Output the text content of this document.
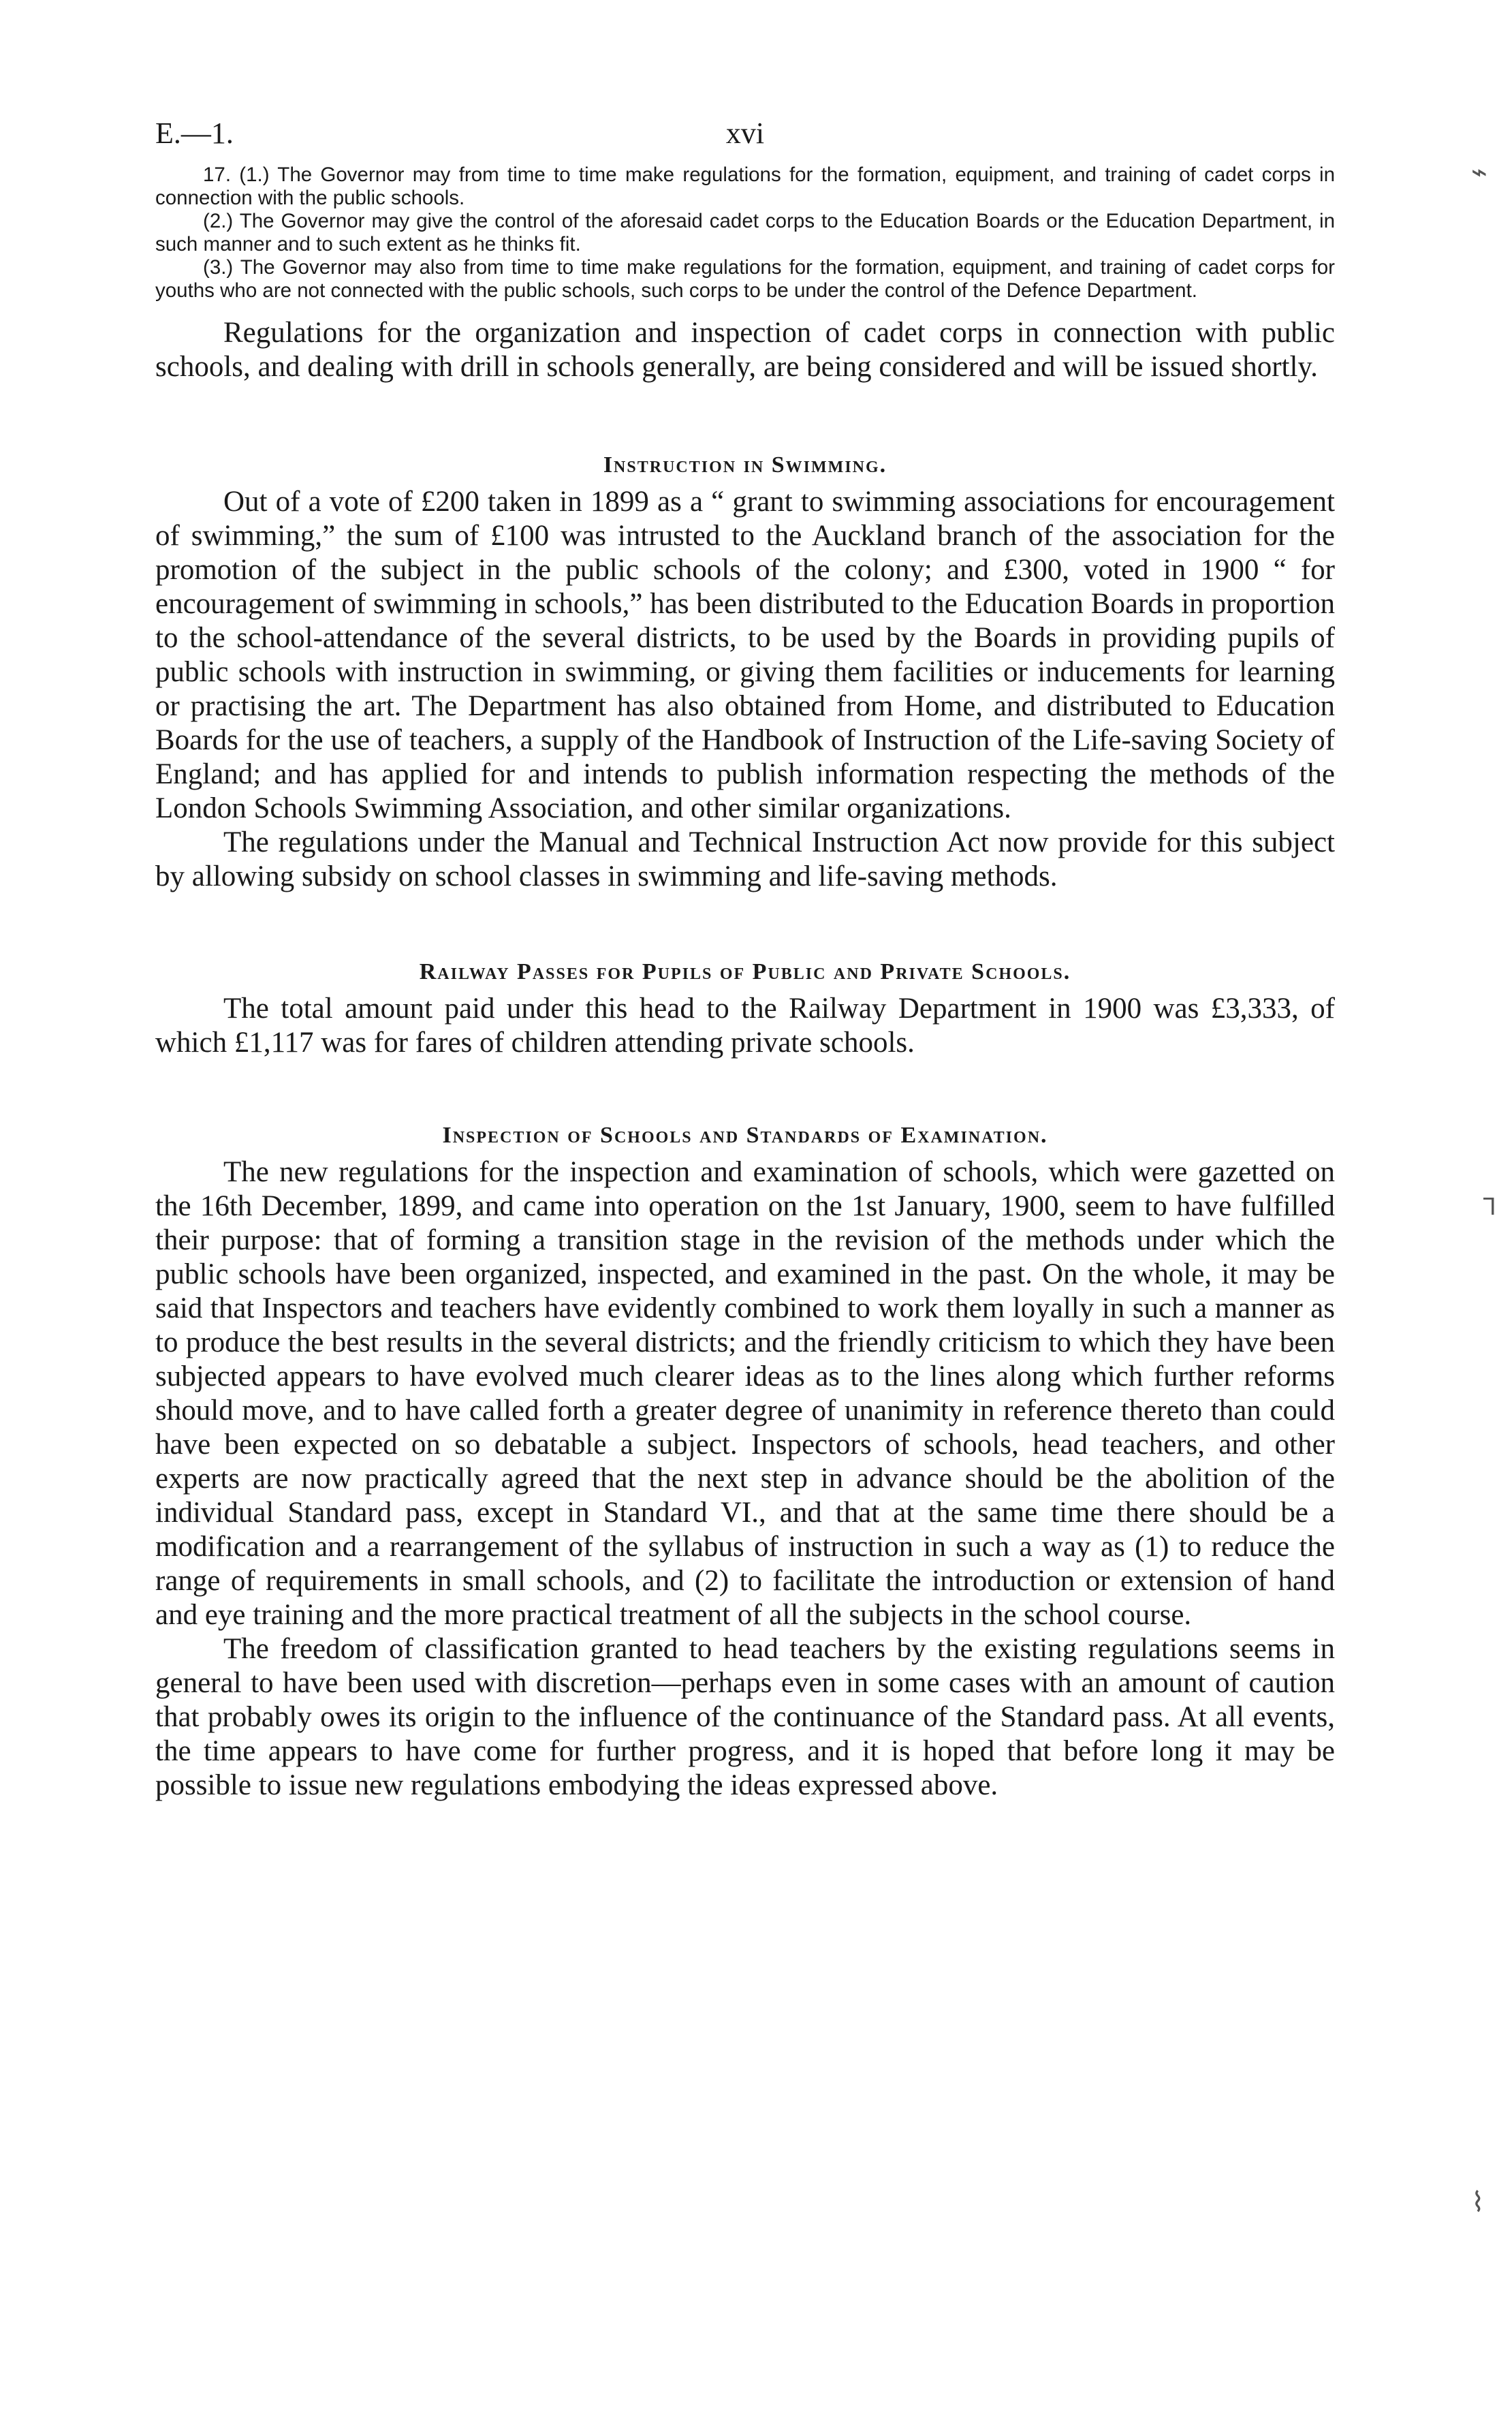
⌁
ᒣ
⌇
E.—1.	xvi

17. (1.) The Governor may from time to time make regulations for the formation, equipment, and training of cadet corps in connection with the public schools.

(2.) The Governor may give the control of the aforesaid cadet corps to the Education Boards or the Education Department, in such manner and to such extent as he thinks fit.

(3.) The Governor may also from time to time make regulations for the formation, equipment, and training of cadet corps for youths who are not connected with the public schools, such corps to be under the control of the Defence Department.

Regulations for the organization and inspection of cadet corps in connection with public schools, and dealing with drill in schools generally, are being considered and will be issued shortly.

Instruction in Swimming.

Out of a vote of £200 taken in 1899 as a “ grant to swimming associations for encouragement of swimming,” the sum of £100 was intrusted to the Auckland branch of the association for the promotion of the subject in the public schools of the colony; and £300, voted in 1900 “ for encouragement of swimming in schools,” has been distributed to the Education Boards in proportion to the school-attendance of the several districts, to be used by the Boards in providing pupils of public schools with instruction in swimming, or giving them facilities or inducements for learning or practising the art. The Department has also obtained from Home, and distributed to Education Boards for the use of teachers, a supply of the Handbook of Instruction of the Life-saving Society of England; and has applied for and intends to publish information respecting the methods of the London Schools Swimming Association, and other similar organizations.

The regulations under the Manual and Technical Instruction Act now provide for this subject by allowing subsidy on school classes in swimming and life-saving methods.

Railway Passes for Pupils of Public and Private Schools.

The total amount paid under this head to the Railway Department in 1900 was £3,333, of which £1,117 was for fares of children attending private schools.

Inspection of Schools and Standards of Examination.

The new regulations for the inspection and examination of schools, which were gazetted on the 16th December, 1899, and came into operation on the 1st January, 1900, seem to have fulfilled their purpose: that of forming a transition stage in the revision of the methods under which the public schools have been organized, inspected, and examined in the past. On the whole, it may be said that Inspectors and teachers have evidently combined to work them loyally in such a manner as to produce the best results in the several districts; and the friendly criticism to which they have been subjected appears to have evolved much clearer ideas as to the lines along which further reforms should move, and to have called forth a greater degree of unanimity in reference thereto than could have been expected on so debatable a subject. Inspectors of schools, head teachers, and other experts are now practically agreed that the next step in advance should be the abolition of the individual Standard pass, except in Standard VI., and that at the same time there should be a modification and a rearrangement of the syllabus of instruction in such a way as (1) to reduce the range of requirements in small schools, and (2) to facilitate the introduction or extension of hand and eye training and the more practical treatment of all the subjects in the school course.

The freedom of classification granted to head teachers by the existing regulations seems in general to have been used with discretion—perhaps even in some cases with an amount of caution that probably owes its origin to the influence of the continuance of the Standard pass. At all events, the time appears to have come for further progress, and it is hoped that before long it may be possible to issue new regulations embodying the ideas expressed above.
